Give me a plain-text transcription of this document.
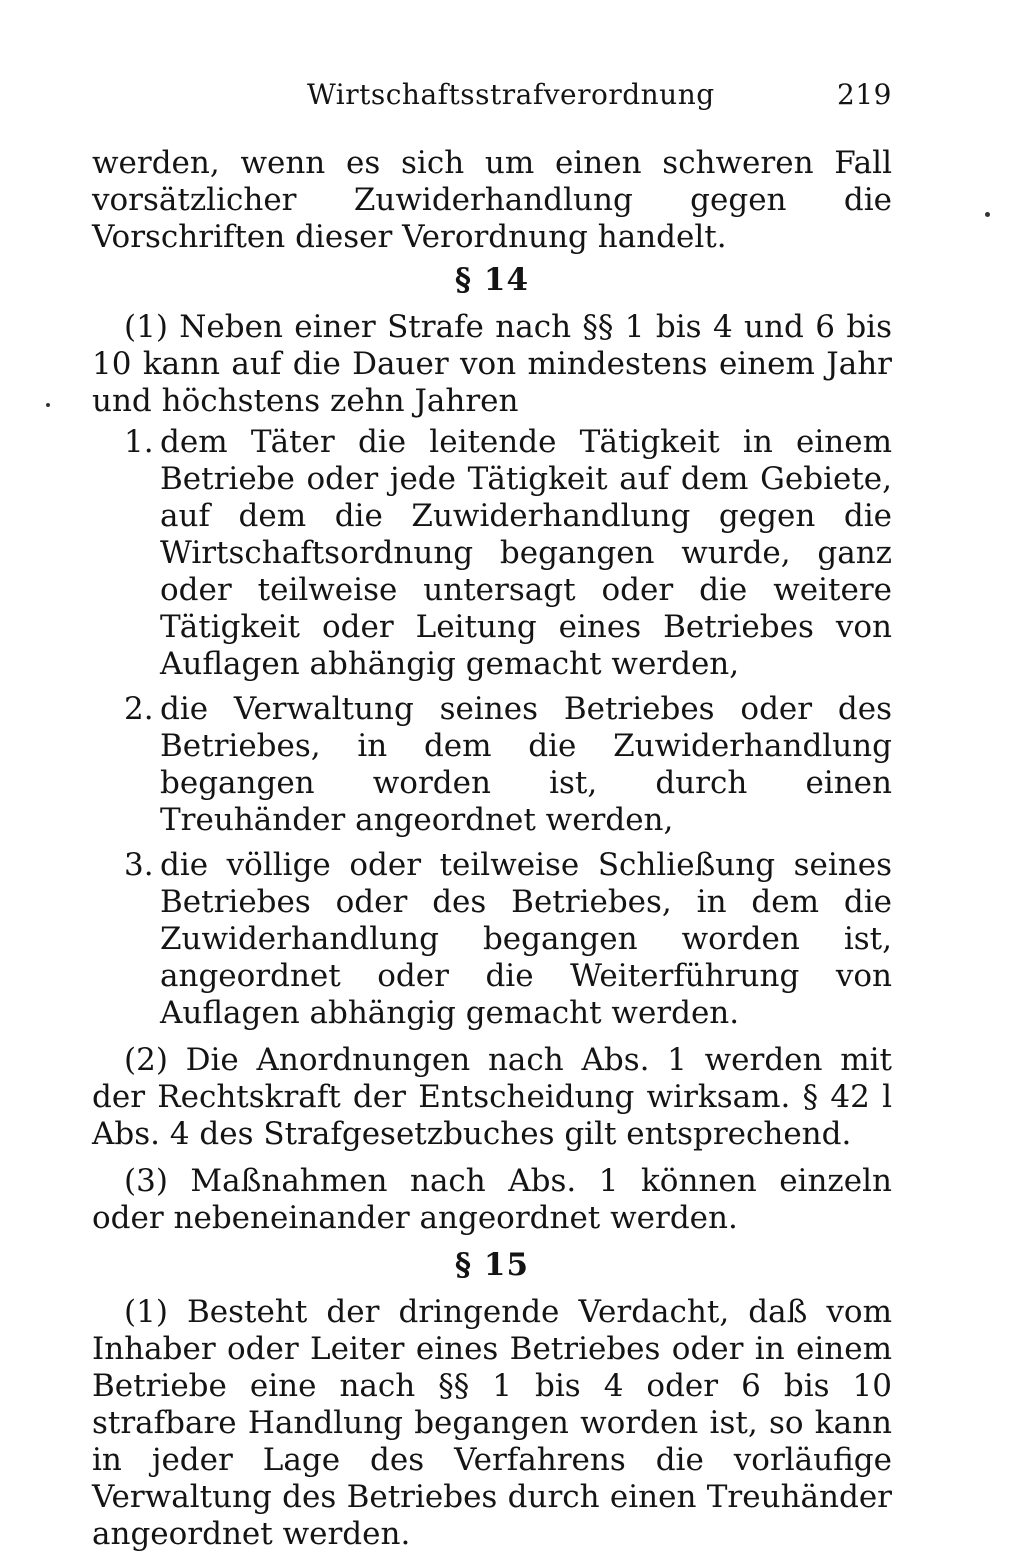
Wirtschaftsstrafverordnung	219

werden, wenn es sich um einen schweren Fall vorsätzlicher Zuwiderhandlung gegen die Vorschriften dieser Verordnung handelt.

§ 14

(1) Neben einer Strafe nach §§ 1 bis 4 und 6 bis 10 kann auf die Dauer von mindestens einem Jahr und höchstens zehn Jahren

1. dem Täter die leitende Tätigkeit in einem Betriebe oder jede Tätigkeit auf dem Gebiete, auf dem die Zuwiderhandlung gegen die Wirtschaftsordnung begangen wurde, ganz oder teilweise untersagt oder die weitere Tätigkeit oder Leitung eines Betriebes von Auflagen abhängig gemacht werden,
2. die Verwaltung seines Betriebes oder des Betriebes, in dem die Zuwiderhandlung begangen worden ist, durch einen Treuhänder angeordnet werden,
3. die völlige oder teilweise Schließung seines Betriebes oder des Betriebes, in dem die Zuwiderhandlung begangen worden ist, angeordnet oder die Weiterführung von Auflagen abhängig gemacht werden.

(2) Die Anordnungen nach Abs. 1 werden mit der Rechtskraft der Entscheidung wirksam. § 42 l Abs. 4 des Strafgesetzbuches gilt entsprechend.

(3) Maßnahmen nach Abs. 1 können einzeln oder nebeneinander angeordnet werden.

§ 15

(1) Besteht der dringende Verdacht, daß vom Inhaber oder Leiter eines Betriebes oder in einem Betriebe eine nach §§ 1 bis 4 oder 6 bis 10 strafbare Handlung begangen worden ist, so kann in jeder Lage des Verfahrens die vorläufige Verwaltung des Betriebes durch einen Treuhänder angeordnet werden.
